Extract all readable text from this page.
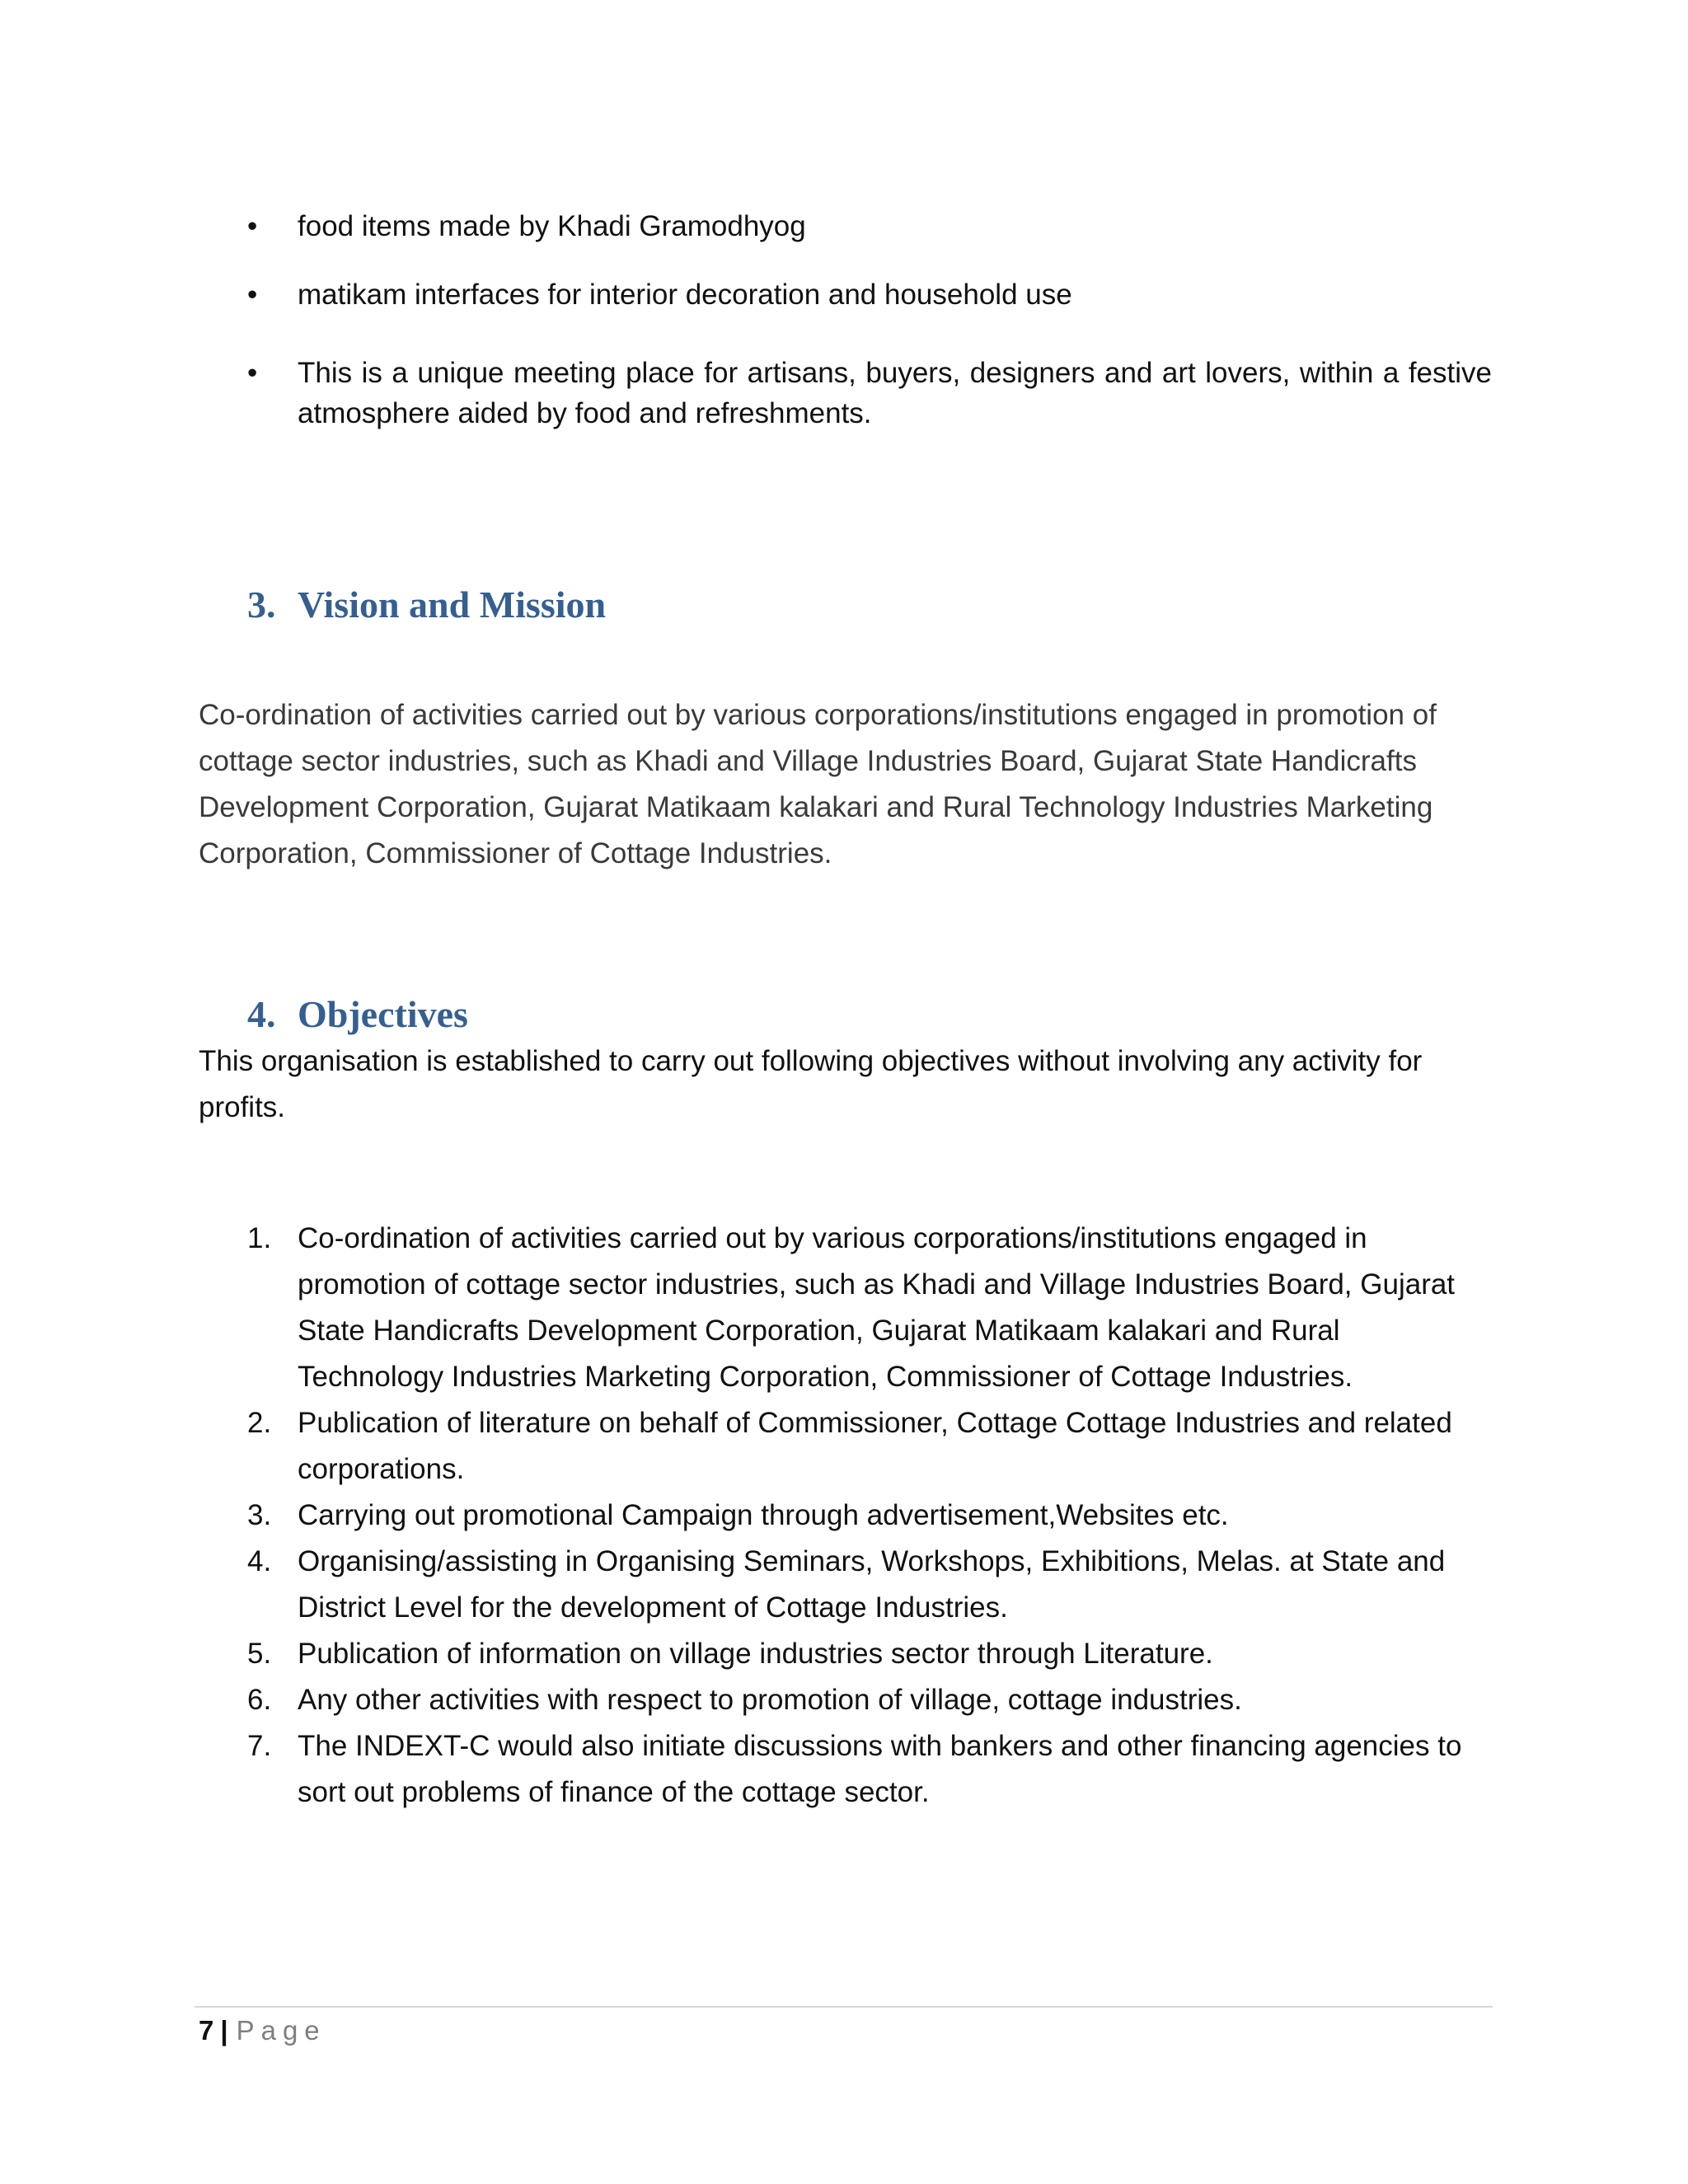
• food items made by Khadi Gramodhyog
• matikam interfaces for interior decoration and household use
• This is a unique meeting place for artisans, buyers, designers and art lovers, within a festive atmosphere aided by food and refreshments.
3. Vision and Mission

Co-ordination of activities carried out by various corporations/institutions engaged in promotion of cottage sector industries, such as Khadi and Village Industries Board, Gujarat State Handicrafts Development Corporation, Gujarat Matikaam kalakari and Rural Technology Industries Marketing Corporation, Commissioner of Cottage Industries.

4. Objectives

This organisation is established to carry out following objectives without involving any activity for profits.

1. Co-ordination of activities carried out by various corporations/institutions engaged in promotion of cottage sector industries, such as Khadi and Village Industries Board, Gujarat State Handicrafts Development Corporation, Gujarat Matikaam kalakari and Rural Technology Industries Marketing Corporation, Commissioner of Cottage Industries.
2. Publication of literature on behalf of Commissioner, Cottage Cottage Industries and related corporations.
3. Carrying out promotional Campaign through advertisement,Websites etc.
4. Organising/assisting in Organising Seminars, Workshops, Exhibitions, Melas. at State and District Level for the development of Cottage Industries.
5. Publication of information on village industries sector through Literature.
6. Any other activities with respect to promotion of village, cottage industries.
7. The INDEXT-C would also initiate discussions with bankers and other financing agencies to sort out problems of finance of the cottage sector.
7 | Page
